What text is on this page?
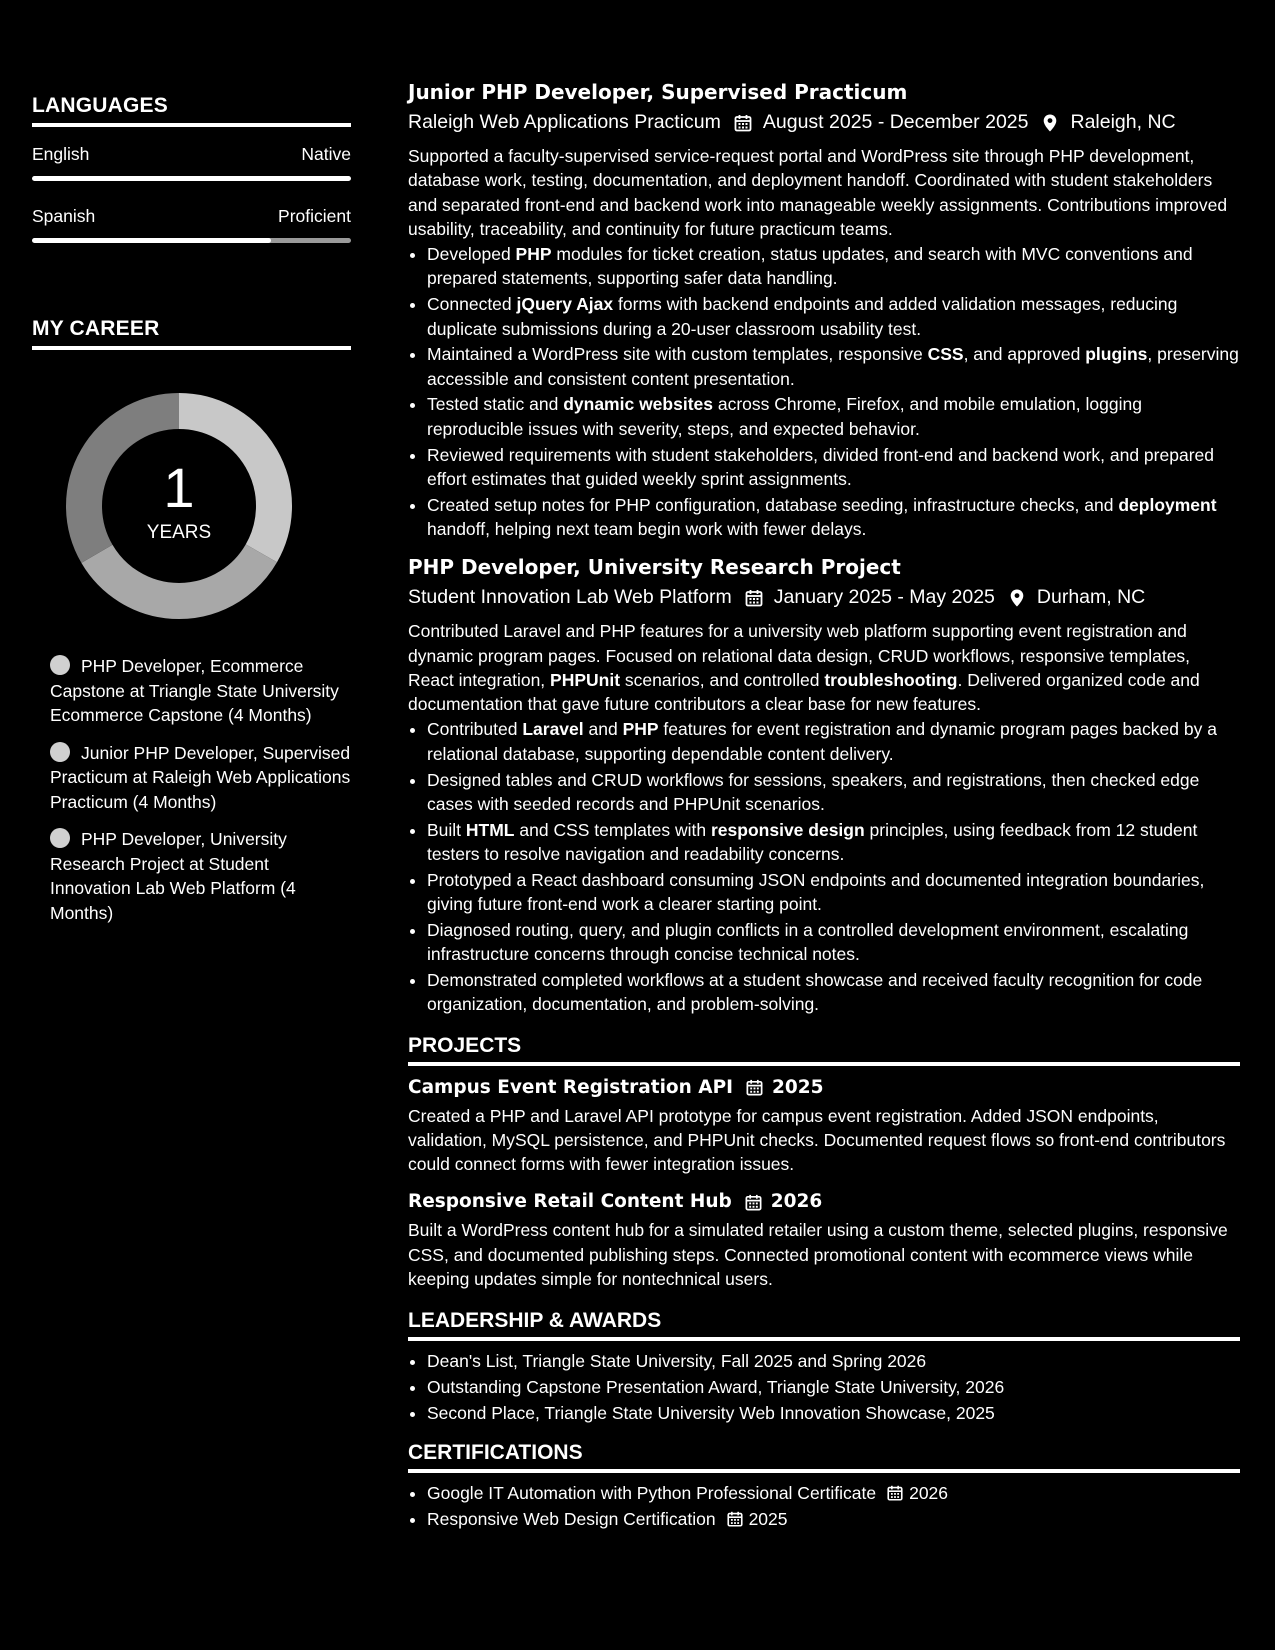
LANGUAGES
English	Native
Spanish	Proficient
MY CAREER
1
YEARS
PHP Developer, Ecommerce Capstone at Triangle State University Ecommerce Capstone (4 Months)
Junior PHP Developer, Supervised Practicum at Raleigh Web Applications Practicum (4 Months)
PHP Developer, University Research Project at Student Innovation Lab Web Platform (4 Months)
Junior PHP Developer, Supervised Practicum
Raleigh Web Applications Practicum August 2025 - December 2025 Raleigh, NC

Supported a faculty-supervised service-request portal and WordPress site through PHP development, database work, testing, documentation, and deployment handoff. Coordinated with student stakeholders and separated front-end and backend work into manageable weekly assignments. Contributions improved usability, traceability, and continuity for future practicum teams.

• Developed PHP modules for ticket creation, status updates, and search with MVC conventions and prepared statements, supporting safer data handling.
• Connected jQuery Ajax forms with backend endpoints and added validation messages, reducing duplicate submissions during a 20-user classroom usability test.
• Maintained a WordPress site with custom templates, responsive CSS, and approved plugins, preserving accessible and consistent content presentation.
• Tested static and dynamic websites across Chrome, Firefox, and mobile emulation, logging reproducible issues with severity, steps, and expected behavior.
• Reviewed requirements with student stakeholders, divided front-end and backend work, and prepared effort estimates that guided weekly sprint assignments.
• Created setup notes for PHP configuration, database seeding, infrastructure checks, and deployment handoff, helping next team begin work with fewer delays.
PHP Developer, University Research Project
Student Innovation Lab Web Platform January 2025 - May 2025 Durham, NC

Contributed Laravel and PHP features for a university web platform supporting event registration and dynamic program pages. Focused on relational data design, CRUD workflows, responsive templates, React integration, PHPUnit scenarios, and controlled troubleshooting. Delivered organized code and documentation that gave future contributors a clear base for new features.

• Contributed Laravel and PHP features for event registration and dynamic program pages backed by a relational database, supporting dependable content delivery.
• Designed tables and CRUD workflows for sessions, speakers, and registrations, then checked edge cases with seeded records and PHPUnit scenarios.
• Built HTML and CSS templates with responsive design principles, using feedback from 12 student testers to resolve navigation and readability concerns.
• Prototyped a React dashboard consuming JSON endpoints and documented integration boundaries, giving future front-end work a clearer starting point.
• Diagnosed routing, query, and plugin conflicts in a controlled development environment, escalating infrastructure concerns through concise technical notes.
• Demonstrated completed workflows at a student showcase and received faculty recognition for code organization, documentation, and problem-solving.
PROJECTS
Campus Event Registration API 2025

Created a PHP and Laravel API prototype for campus event registration. Added JSON endpoints, validation, MySQL persistence, and PHPUnit checks. Documented request flows so front-end contributors could connect forms with fewer integration issues.

Responsive Retail Content Hub 2026

Built a WordPress content hub for a simulated retailer using a custom theme, selected plugins, responsive CSS, and documented publishing steps. Connected promotional content with ecommerce views while keeping updates simple for nontechnical users.

LEADERSHIP & AWARDS
• Dean's List, Triangle State University, Fall 2025 and Spring 2026
• Outstanding Capstone Presentation Award, Triangle State University, 2026
• Second Place, Triangle State University Web Innovation Showcase, 2025
CERTIFICATIONS
• Google IT Automation with Python Professional Certificate 2026
• Responsive Web Design Certification 2025
